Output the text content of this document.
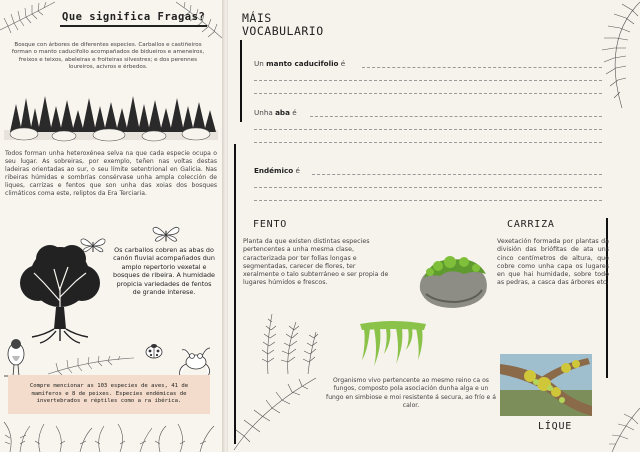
Que significa Fragas?

Bosque con árbores de diferentes especies. Carballos e castiñeiros forman o manto caducifolio acompañados de bidueiros e ameneiros, freixos e teixos, abeleiras e froiteiras silvestres; e dos perennes loureiros, acivros e érbedos.

Todos forman unha heteroxénea selva na que cada especie ocupa o seu lugar. As sobreiras, por exemplo, teñen nas voltas destas ladeiras orientadas ao sur, o seu límite setentrional en Galicia. Nas ribeiras húmidas e sombrías consérvase unha ampla colección de liques, carrizas e fentos que son unha das xoias dos bosques climáticos coma este, reliptos da Era Terciaria.

Os carballos cobren as abas do canón fluvial acompañados dun amplo repertorio vexetal e bosques de ribeira. A humidade propicia variedades de fentos de grande interese.

Compre mencionar as 103 especies de aves, 41 de mamíferos e 8 de peixes. Especies endémicas de invertebrados e réptiles como a ra ibérica.

MÁIS
VOCABULARIO
Un manto caducifolio é
Unha aba é
Endémico é
FENTO

Planta da que existen distintas especies pertencentes a unha mesma clase, caracterizada por ter follas longas e segmentadas, carecer de flores, ter xeralmente o talo subterráneo e ser propia de lugares húmidos e frescos.

CARRIZA

Vexetación formada por plantas da división das briófitas de ata uns cinco centímetros de altura, que cobre como unha capa os lugares en que hai humidade, sobre todo as pedras, a casca das árbores etc.

Organismo vivo pertencente ao mesmo reino ca os fungos, composto pola asociación dunha alga e un fungo en simbiose e moi resistente á secura, ao frío e á calor.

LÍQUE
